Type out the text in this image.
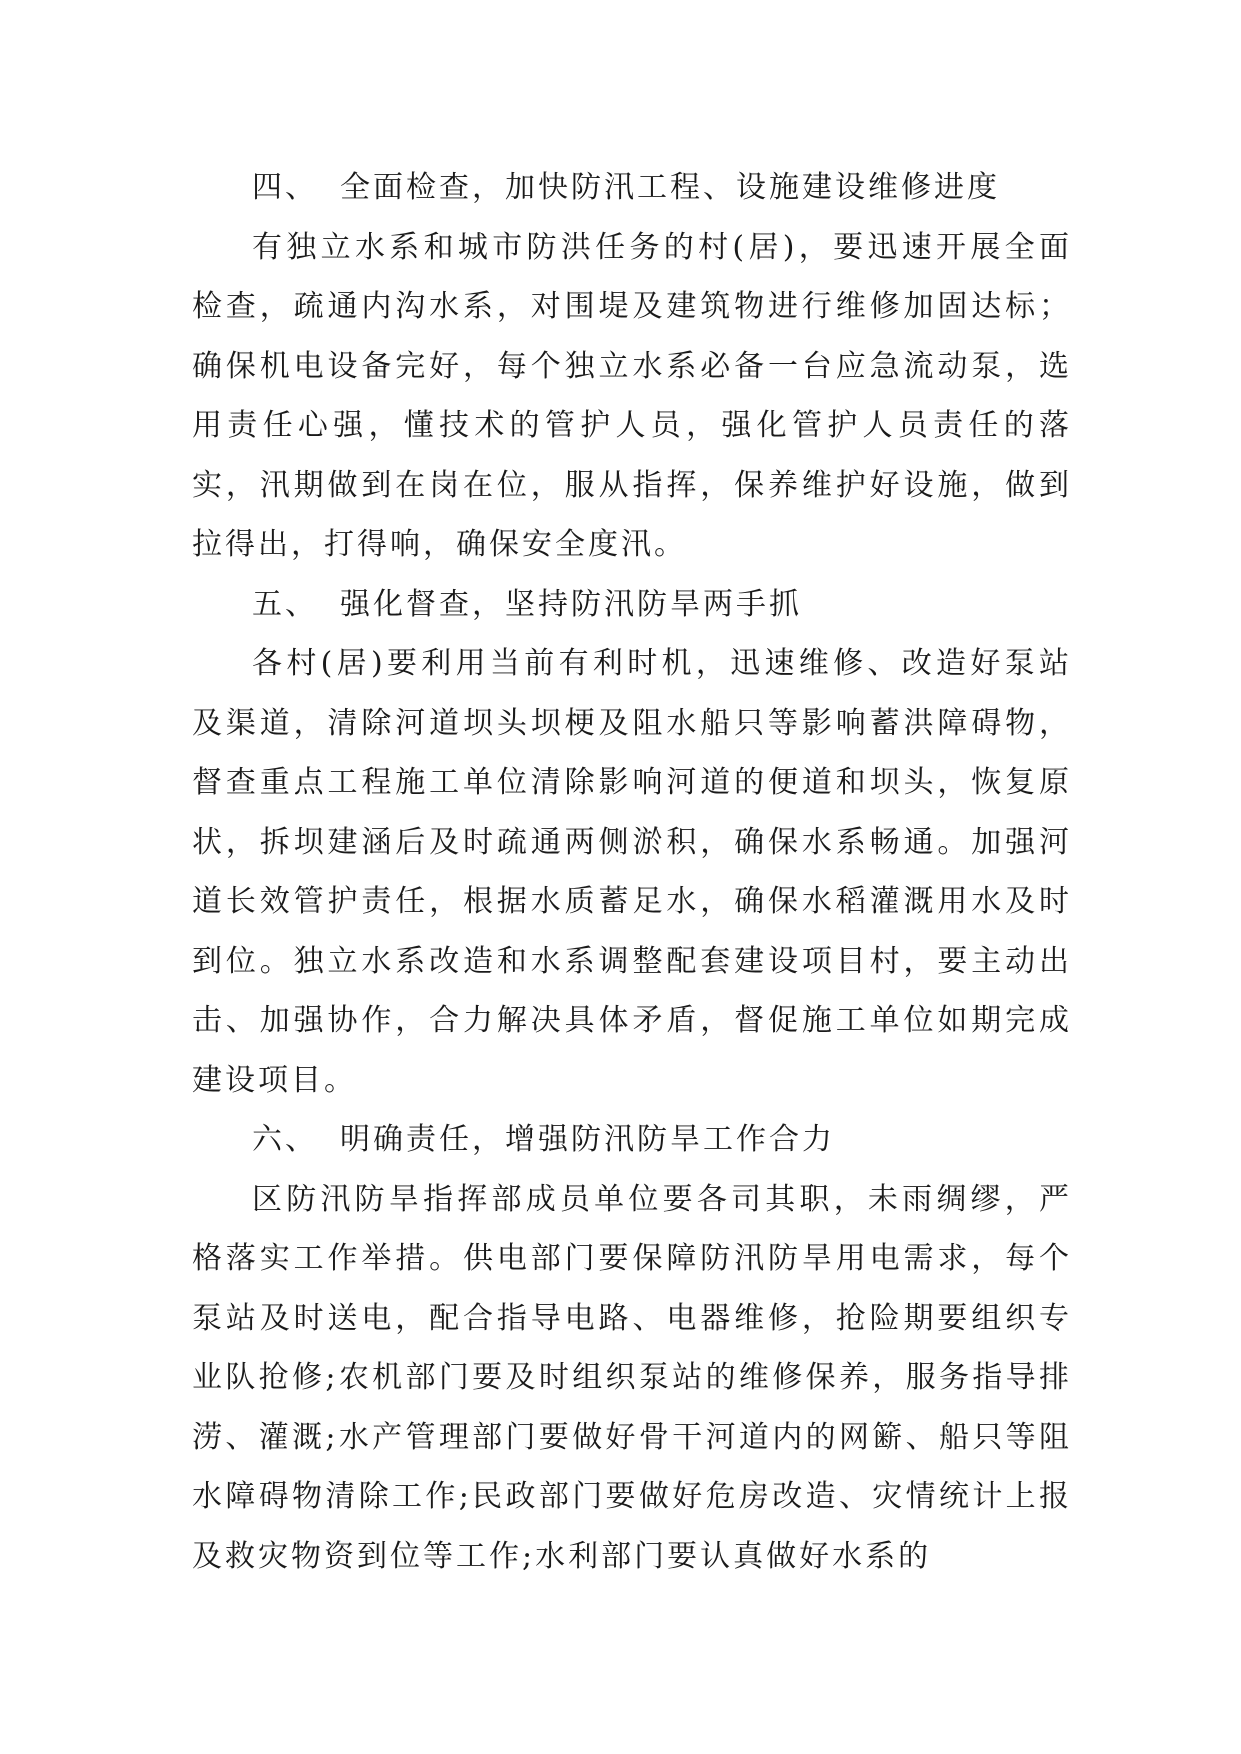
四、 全面检查，加快防汛工程、设施建设维修进度

有独立水系和城市防洪任务的村(居)，要迅速开展全面检查，疏通内沟水系，对围堤及建筑物进行维修加固达标；确保机电设备完好，每个独立水系必备一台应急流动泵，选用责任心强，懂技术的管护人员，强化管护人员责任的落实，汛期做到在岗在位，服从指挥，保养维护好设施，做到拉得出，打得响，确保安全度汛。

五、 强化督查，坚持防汛防旱两手抓

各村(居)要利用当前有利时机，迅速维修、改造好泵站及渠道，清除河道坝头坝梗及阻水船只等影响蓄洪障碍物，督查重点工程施工单位清除影响河道的便道和坝头，恢复原状，拆坝建涵后及时疏通两侧淤积，确保水系畅通。加强河道长效管护责任，根据水质蓄足水，确保水稻灌溉用水及时到位。独立水系改造和水系调整配套建设项目村，要主动出击、加强协作，合力解决具体矛盾，督促施工单位如期完成建设项目。

六、 明确责任，增强防汛防旱工作合力

区防汛防旱指挥部成员单位要各司其职，未雨绸缪，严格落实工作举措。供电部门要保障防汛防旱用电需求，每个泵站及时送电，配合指导电路、电器维修，抢险期要组织专业队抢修;农机部门要及时组织泵站的维修保养，服务指导排涝、灌溉;水产管理部门要做好骨干河道内的网簖、船只等阻水障碍物清除工作;民政部门要做好危房改造、灾情统计上报及救灾物资到位等工作;水利部门要认真做好水系的
